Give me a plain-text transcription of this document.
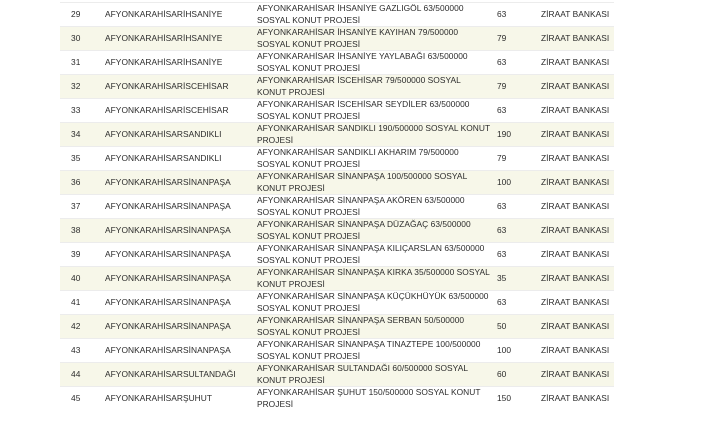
29	AFYONKARAHİSAR	İHSANİYE	AFYONKARAHİSAR İHSANİYE GAZLIGÖL 63/500000 SOSYAL KONUT PROJESİ	63	ZİRAAT BANKASI
30	AFYONKARAHİSAR	İHSANİYE	AFYONKARAHİSAR İHSANİYE KAYIHAN 79/500000 SOSYAL KONUT PROJESİ	79	ZİRAAT BANKASI
31	AFYONKARAHİSAR	İHSANİYE	AFYONKARAHİSAR İHSANİYE YAYLABAĞI 63/500000 SOSYAL KONUT PROJESİ	63	ZİRAAT BANKASI
32	AFYONKARAHİSAR	İSCEHİSAR	AFYONKARAHİSAR İSCEHİSAR 79/500000 SOSYAL KONUT PROJESİ	79	ZİRAAT BANKASI
33	AFYONKARAHİSAR	İSCEHİSAR	AFYONKARAHİSAR İSCEHİSAR SEYDİLER 63/500000 SOSYAL KONUT PROJESİ	63	ZİRAAT BANKASI
34	AFYONKARAHİSAR	SANDIKLI	AFYONKARAHİSAR SANDIKLI 190/500000 SOSYAL KONUT PROJESİ	190	ZİRAAT BANKASI
35	AFYONKARAHİSAR	SANDIKLI	AFYONKARAHİSAR SANDIKLI AKHARIM 79/500000 SOSYAL KONUT PROJESİ	79	ZİRAAT BANKASI
36	AFYONKARAHİSAR	SİNANPAŞA	AFYONKARAHİSAR SİNANPAŞA 100/500000 SOSYAL KONUT PROJESİ	100	ZİRAAT BANKASI
37	AFYONKARAHİSAR	SİNANPAŞA	AFYONKARAHİSAR SİNANPAŞA AKÖREN 63/500000 SOSYAL KONUT PROJESİ	63	ZİRAAT BANKASI
38	AFYONKARAHİSAR	SİNANPAŞA	AFYONKARAHİSAR SİNANPAŞA DÜZAĞAÇ 63/500000 SOSYAL KONUT PROJESİ	63	ZİRAAT BANKASI
39	AFYONKARAHİSAR	SİNANPAŞA	AFYONKARAHİSAR SİNANPAŞA KILIÇARSLAN 63/500000 SOSYAL KONUT PROJESİ	63	ZİRAAT BANKASI
40	AFYONKARAHİSAR	SİNANPAŞA	AFYONKARAHİSAR SİNANPAŞA KIRKA 35/500000 SOSYAL KONUT PROJESİ	35	ZİRAAT BANKASI
41	AFYONKARAHİSAR	SİNANPAŞA	AFYONKARAHİSAR SİNANPAŞA KÜÇÜKHÜYÜK 63/500000 SOSYAL KONUT PROJESİ	63	ZİRAAT BANKASI
42	AFYONKARAHİSAR	SİNANPAŞA	AFYONKARAHİSAR SİNANPAŞA SERBAN 50/500000 SOSYAL KONUT PROJESİ	50	ZİRAAT BANKASI
43	AFYONKARAHİSAR	SİNANPAŞA	AFYONKARAHİSAR SİNANPAŞA TINAZTEPE 100/500000 SOSYAL KONUT PROJESİ	100	ZİRAAT BANKASI
44	AFYONKARAHİSAR	SULTANDAĞI	AFYONKARAHİSAR SULTANDAĞI 60/500000 SOSYAL KONUT PROJESİ	60	ZİRAAT BANKASI
45	AFYONKARAHİSAR	ŞUHUT	AFYONKARAHİSAR ŞUHUT 150/500000 SOSYAL KONUT PROJESİ	150	ZİRAAT BANKASI
